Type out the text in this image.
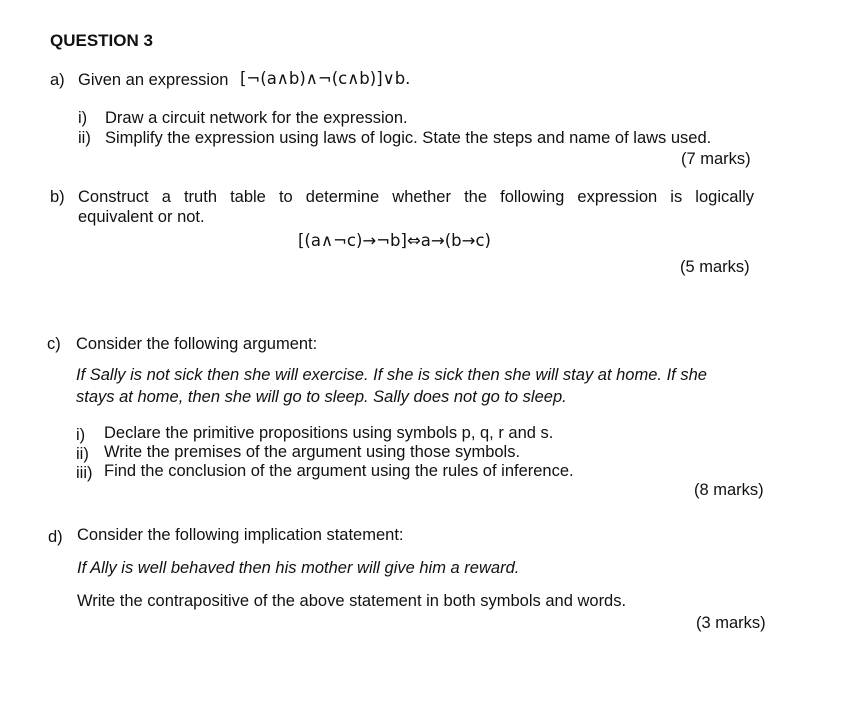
QUESTION 3
a) Given an expression [¬(a∧b)∧¬(c∧b)]∨b.
i) Draw a circuit network for the expression.
ii) Simplify the expression using laws of logic. State the steps and name of laws used.
(7 marks)
b) Construct a truth table to determine whether the following expression is logically
equivalent or not.
[(a∧¬c)→¬b]⇔a→(b→c)
(5 marks)
c) Consider the following argument:
If Sally is not sick then she will exercise. If she is sick then she will stay at home. If she
stays at home, then she will go to sleep. Sally does not go to sleep.
i) Declare the primitive propositions using symbols p, q, r and s.
ii) Write the premises of the argument using those symbols.
iii) Find the conclusion of the argument using the rules of inference.
(8 marks)
d) Consider the following implication statement:
If Ally is well behaved then his mother will give him a reward.
Write the contrapositive of the above statement in both symbols and words.
(3 marks)
